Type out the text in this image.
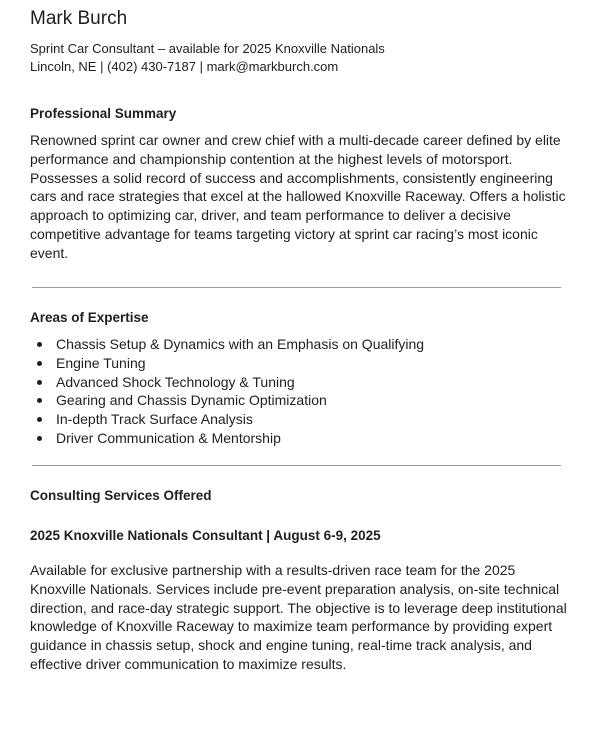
Mark Burch
Sprint Car Consultant – available for 2025 Knoxville Nationals
Lincoln, NE | (402) 430-7187 | mark@markburch.com
Professional Summary

Renowned sprint car owner and crew chief with a multi-decade career defined by elite performance and championship contention at the highest levels of motorsport. Possesses a solid record of success and accomplishments, consistently engineering cars and race strategies that excel at the hallowed Knoxville Raceway. Offers a holistic approach to optimizing car, driver, and team performance to deliver a decisive competitive advantage for teams targeting victory at sprint car racing’s most iconic event.

Areas of Expertise
Chassis Setup & Dynamics with an Emphasis on Qualifying
Engine Tuning
Advanced Shock Technology & Tuning
Gearing and Chassis Dynamic Optimization
In-depth Track Surface Analysis
Driver Communication & Mentorship
Consulting Services Offered
2025 Knoxville Nationals Consultant | August 6-9, 2025

Available for exclusive partnership with a results-driven race team for the 2025 Knoxville Nationals. Services include pre-event preparation analysis, on-site technical direction, and race-day strategic support. The objective is to leverage deep institutional knowledge of Knoxville Raceway to maximize team performance by providing expert guidance in chassis setup, shock and engine tuning, real-time track analysis, and effective driver communication to maximize results.
